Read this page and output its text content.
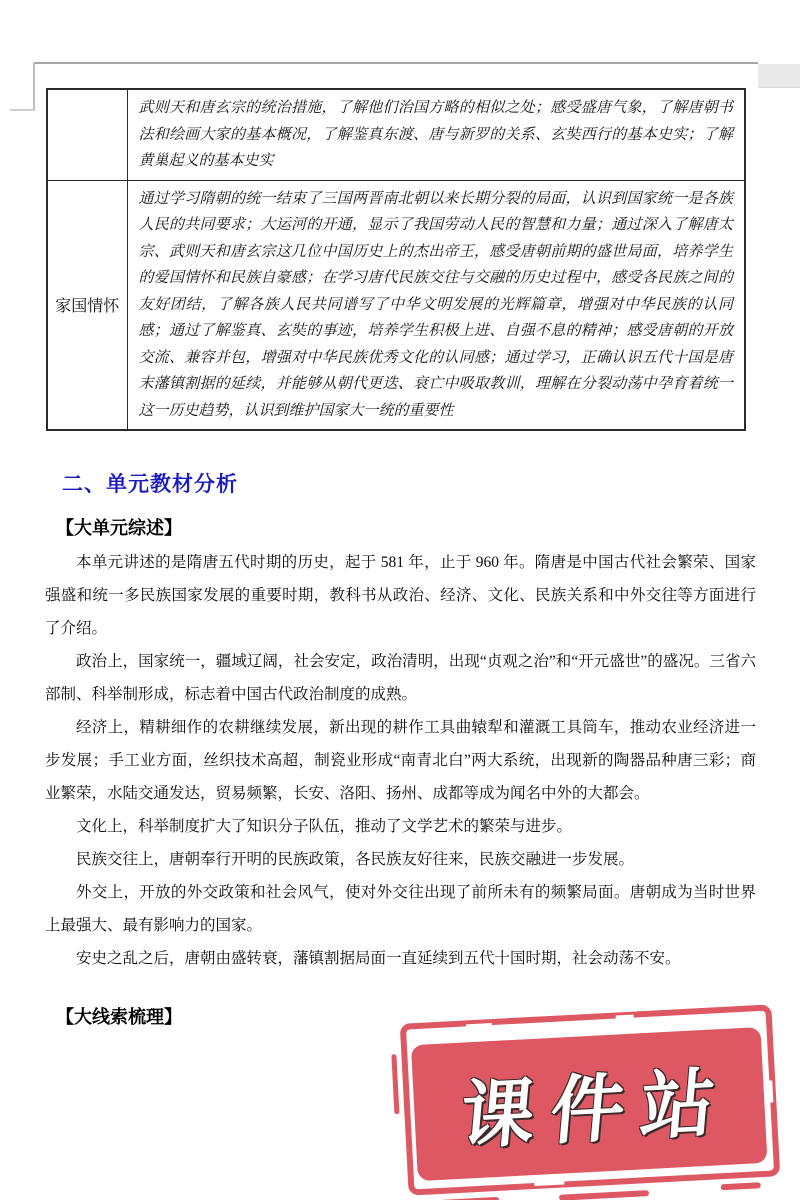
	武则天和唐玄宗的统治措施，了解他们治国方略的相似之处；感受盛唐气象，了解唐朝书法和绘画大家的基本概况，了解鉴真东渡、唐与新罗的关系、玄奘西行的基本史实；了解黄巢起义的基本史实
家国情怀	通过学习隋朝的统一结束了三国两晋南北朝以来长期分裂的局面，认识到国家统一是各族人民的共同要求；大运河的开通，显示了我国劳动人民的智慧和力量；通过深入了解唐太宗、武则天和唐玄宗这几位中国历史上的杰出帝王，感受唐朝前期的盛世局面，培养学生的爱国情怀和民族自豪感；在学习唐代民族交往与交融的历史过程中，感受各民族之间的友好团结，了解各族人民共同谱写了中华文明发展的光辉篇章，增强对中华民族的认同感；通过了解鉴真、玄奘的事迹，培养学生积极上进、自强不息的精神；感受唐朝的开放交流、兼容并包，增强对中华民族优秀文化的认同感；通过学习，正确认识五代十国是唐末藩镇割据的延续，并能够从朝代更迭、衰亡中吸取教训，理解在分裂动荡中孕育着统一这一历史趋势，认识到维护国家大一统的重要性
二、单元教材分析
【大单元综述】

本单元讲述的是隋唐五代时期的历史，起于 581 年，止于 960 年。隋唐是中国古代社会繁荣、国家强盛和统一多民族国家发展的重要时期，教科书从政治、经济、文化、民族关系和中外交往等方面进行了介绍。

政治上，国家统一，疆域辽阔，社会安定，政治清明，出现“贞观之治”和“开元盛世”的盛况。三省六部制、科举制形成，标志着中国古代政治制度的成熟。

经济上，精耕细作的农耕继续发展，新出现的耕作工具曲辕犁和灌溉工具筒车，推动农业经济进一步发展；手工业方面，丝织技术高超，制瓷业形成“南青北白”两大系统，出现新的陶器品种唐三彩；商业繁荣，水陆交通发达，贸易频繁，长安、洛阳、扬州、成都等成为闻名中外的大都会。

文化上，科举制度扩大了知识分子队伍，推动了文学艺术的繁荣与进步。

民族交往上，唐朝奉行开明的民族政策，各民族友好往来，民族交融进一步发展。

外交上，开放的外交政策和社会风气，使对外交往出现了前所未有的频繁局面。唐朝成为当时世界上最强大、最有影响力的国家。

安史之乱之后，唐朝由盛转衰，藩镇割据局面一直延续到五代十国时期，社会动荡不安。

【大线索梳理】
课件站
